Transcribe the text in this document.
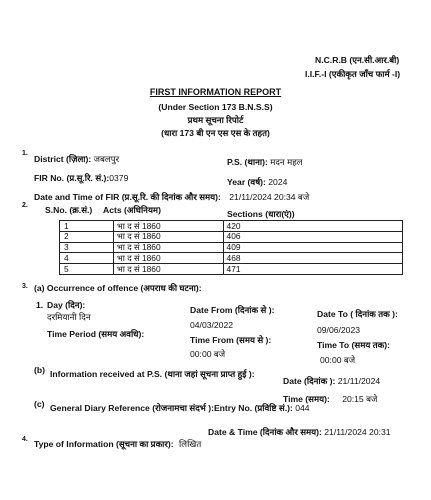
N.C.R.B (एन.सी.आर.बी)
I.I.F.-I (एकीकृत जाँच फार्म -I)
FIRST INFORMATION REPORT
(Under Section 173 B.N.S.S)
प्रथम सूचना रिपोर्ट
(धारा 173 बी एन एस एस के तहत)
1.
District (ज़िला): जबलपुर	P.S. (थाना): मदन महल
FIR No. (प्र.सू.रि. सं.):0379	Year (वर्ष): 2024
Date and Time of FIR (प्र.सू.रि. की दिनांक और समय): 21/11/2024 20:34 बजे
2. S.No. (क्र.सं.) Acts (अधिनियम)	Sections (धारा(एं))
1	भा द सं 1860	420
2	भा द सं 1860	406
3	भा द सं 1860	409
4	भा द सं 1860	468
5	भा द सं 1860	471
3. (a) Occurrence of offence (अपराध की घटना):
1. Day (दिन):
दरमियानी दिन
Date From (दिनांक से ):
04/03/2022
Date To ( दिनांक तक ):
09/06/2023
Time Period (समय अवधि):
Time From (समय से ):
00:00 बजे
Time To (समय तक):
00:00 बजे
(b) Information received at P.S. (थाना जहां सूचना प्राप्त हुई ):
Date (दिनांक ): 21/11/2024
Time (समय): 20:15 बजे
(c) General Diary Reference (रोजनामचा संदर्भ ):Entry No. (प्रविष्टि सं.): 044
Date & Time (दिनांक और समय): 21/11/2024 20:31
4. Type of Information (सूचना का प्रकार): लिखित
